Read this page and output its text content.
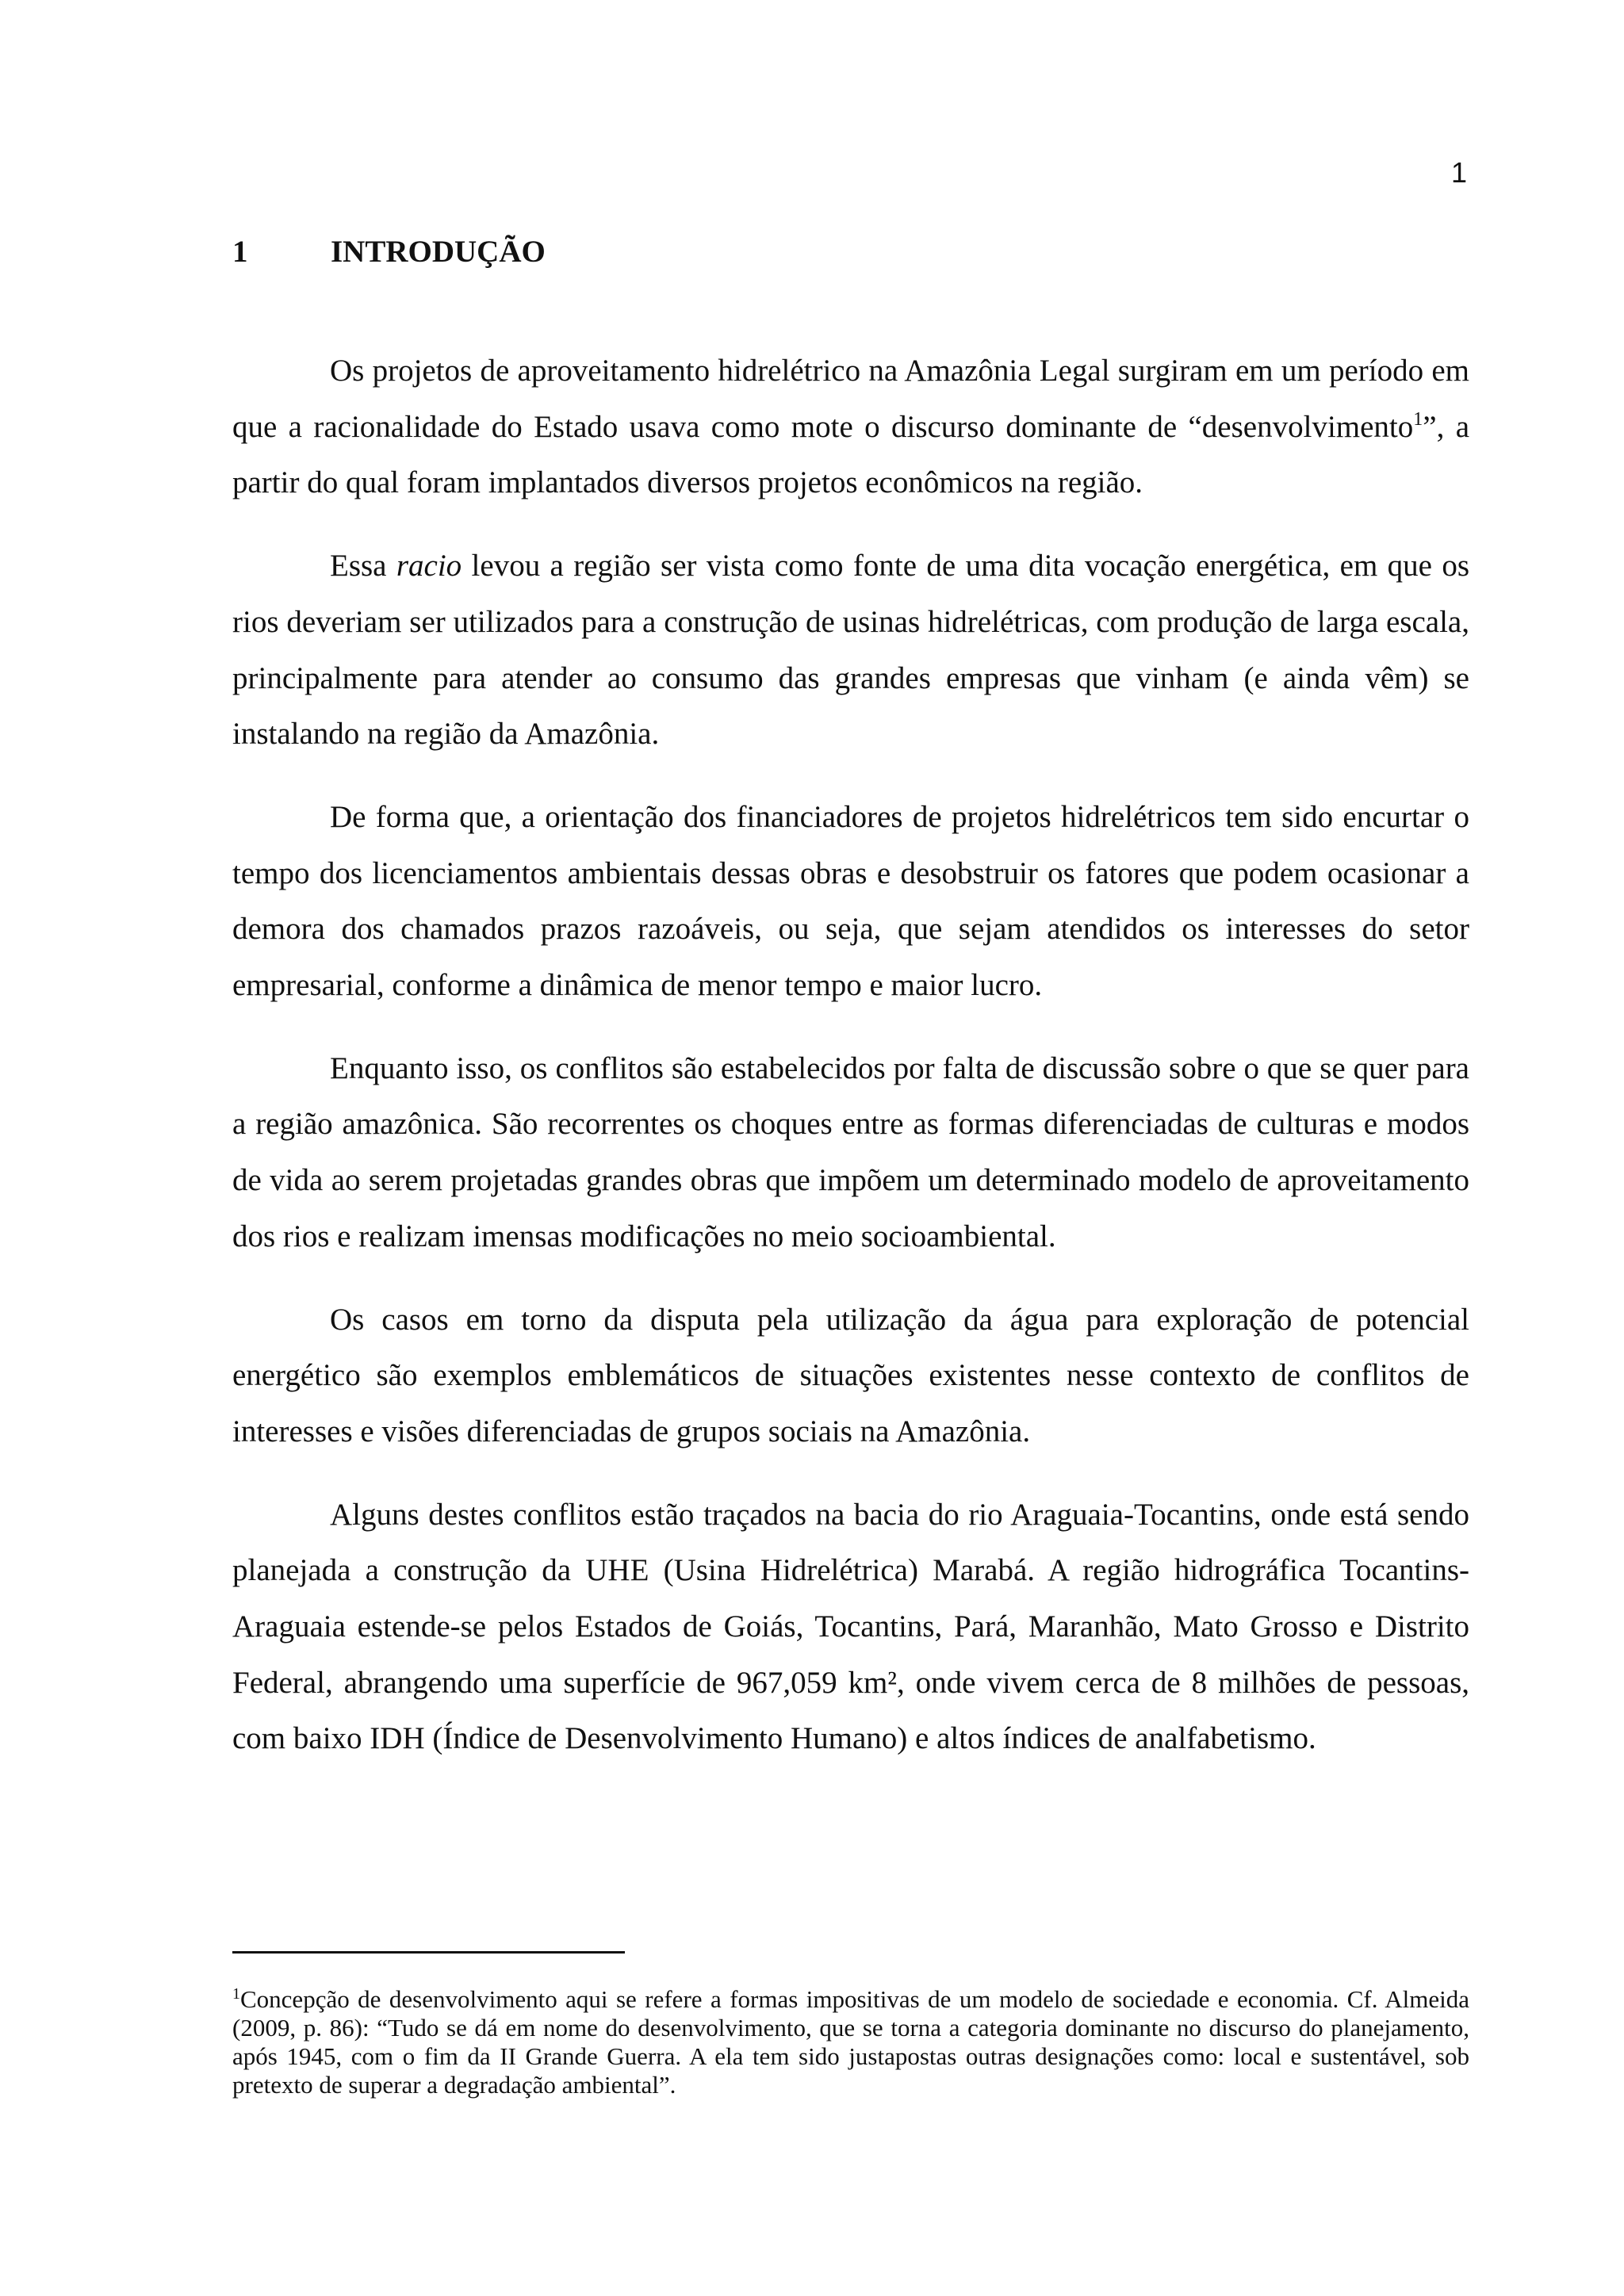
1
1	INTRODUÇÃO

Os projetos de aproveitamento hidrelétrico na Amazônia Legal surgiram em um período em que a racionalidade do Estado usava como mote o discurso dominante de “desenvolvimento$^1$”, a partir do qual foram implantados diversos projetos econômicos na região.

Essa racio levou a região ser vista como fonte de uma dita vocação energética, em que os rios deveriam ser utilizados para a construção de usinas hidrelétricas, com produção de larga escala, principalmente para atender ao consumo das grandes empresas que vinham (e ainda vêm) se instalando na região da Amazônia.

De forma que, a orientação dos financiadores de projetos hidrelétricos tem sido encurtar o tempo dos licenciamentos ambientais dessas obras e desobstruir os fatores que podem ocasionar a demora dos chamados prazos razoáveis, ou seja, que sejam atendidos os interesses do setor empresarial, conforme a dinâmica de menor tempo e maior lucro.

Enquanto isso, os conflitos são estabelecidos por falta de discussão sobre o que se quer para a região amazônica. São recorrentes os choques entre as formas diferenciadas de culturas e modos de vida ao serem projetadas grandes obras que impõem um determinado modelo de aproveitamento dos rios e realizam imensas modificações no meio socioambiental.

Os casos em torno da disputa pela utilização da água para exploração de potencial energético são exemplos emblemáticos de situações existentes nesse contexto de conflitos de interesses e visões diferenciadas de grupos sociais na Amazônia.

Alguns destes conflitos estão traçados na bacia do rio Araguaia-Tocantins, onde está sendo planejada a construção da UHE (Usina Hidrelétrica) Marabá. A região hidrográfica Tocantins-Araguaia estende-se pelos Estados de Goiás, Tocantins, Pará, Maranhão, Mato Grosso e Distrito Federal, abrangendo uma superfície de 967,059 km², onde vivem cerca de 8 milhões de pessoas, com baixo IDH (Índice de Desenvolvimento Humano) e altos índices de analfabetismo.

$^1$Concepção de desenvolvimento aqui se refere a formas impositivas de um modelo de sociedade e economia. Cf. Almeida (2009, p. 86): “Tudo se dá em nome do desenvolvimento, que se torna a categoria dominante no discurso do planejamento, após 1945, com o fim da II Grande Guerra. A ela tem sido justapostas outras designações como: local e sustentável, sob pretexto de superar a degradação ambiental”.
